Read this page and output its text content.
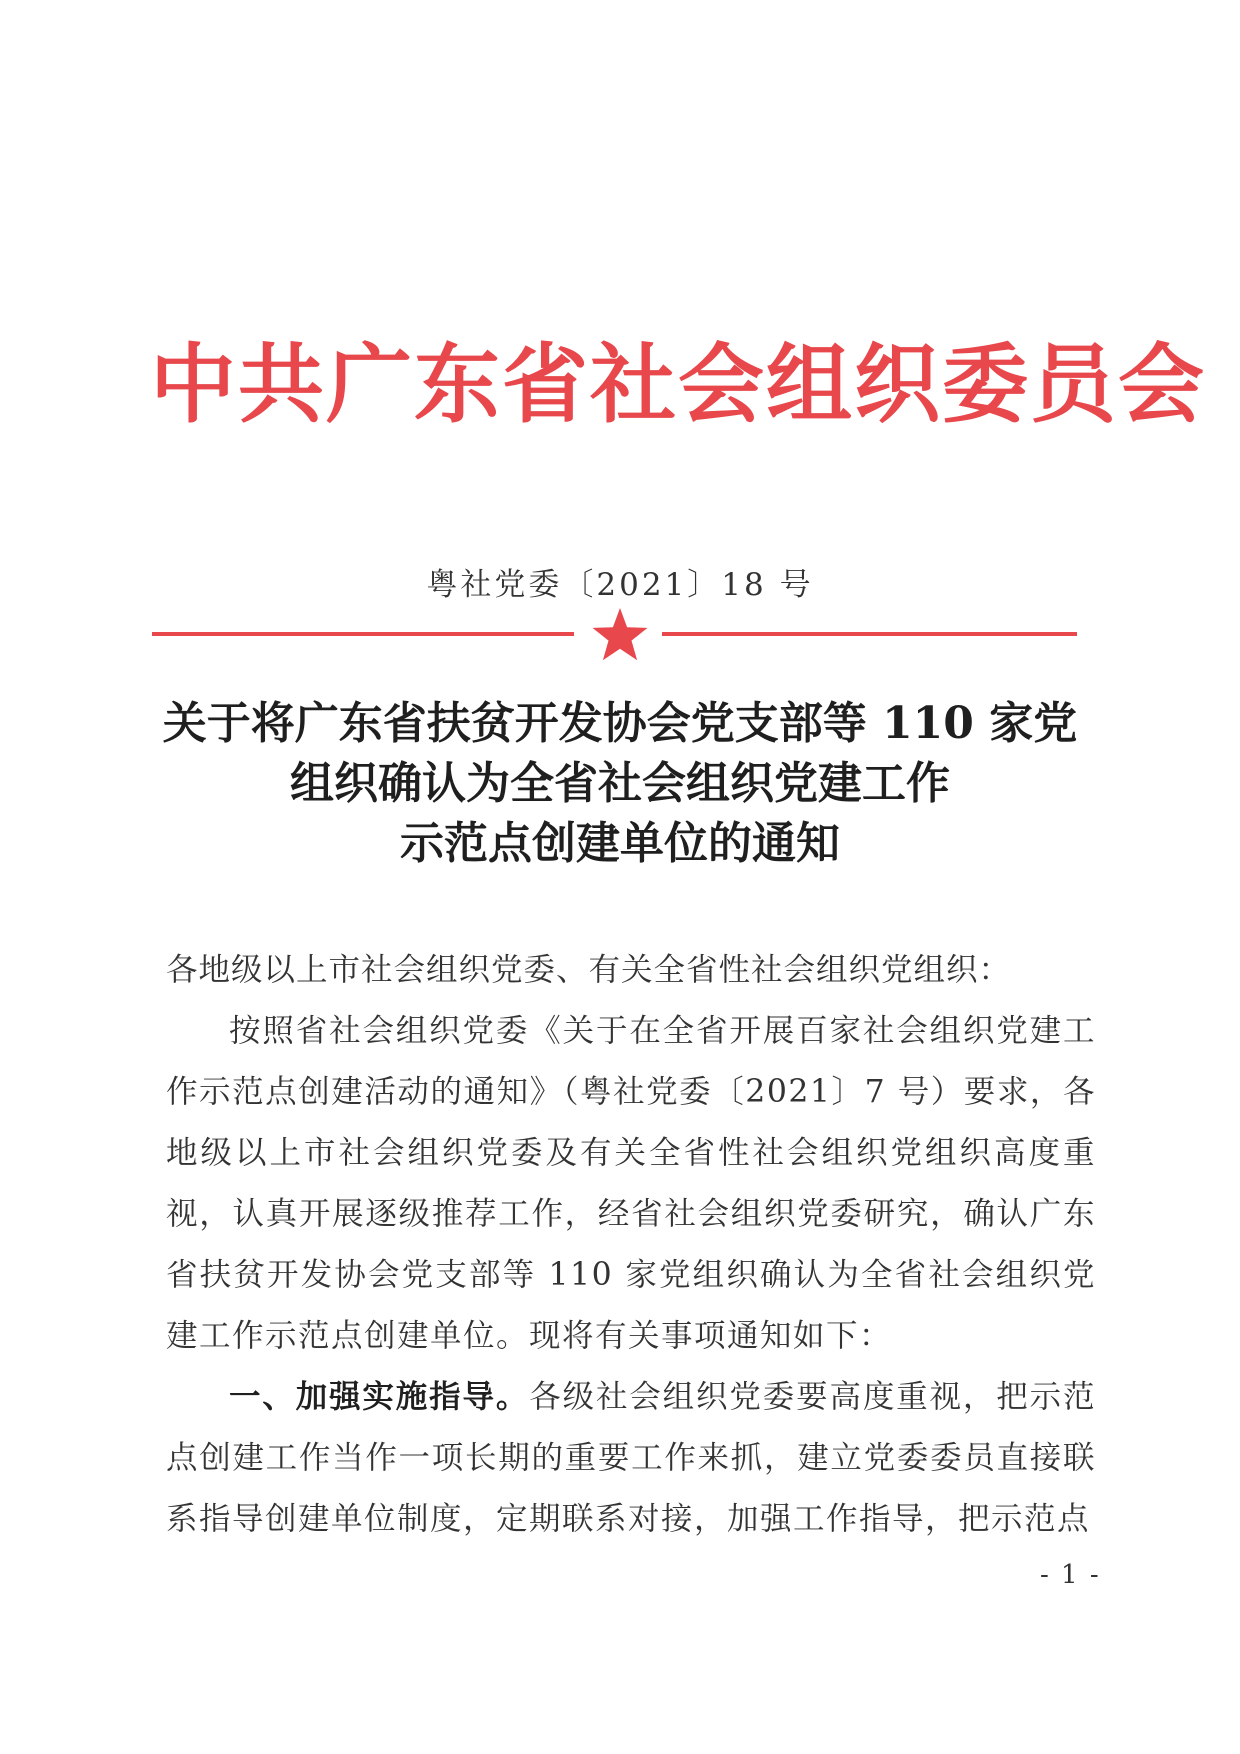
中共广东省社会组织委员会
粤社党委〔2021〕18 号
关于将广东省扶贫开发协会党支部等 110 家党
组织确认为全省社会组织党建工作
示范点创建单位的通知
各地级以上市社会组织党委、有关全省性社会组织党组织：

按照省社会组织党委《关于在全省开展百家社会组织党建工作示范点创建活动的通知》（粤社党委〔2021〕7 号）要求，各地级以上市社会组织党委及有关全省性社会组织党组织高度重视，认真开展逐级推荐工作，经省社会组织党委研究，确认广东省扶贫开发协会党支部等 110 家党组织确认为全省社会组织党建工作示范点创建单位。现将有关事项通知如下：

一、加强实施指导。各级社会组织党委要高度重视，把示范点创建工作当作一项长期的重要工作来抓，建立党委委员直接联系指导创建单位制度，定期联系对接，加强工作指导，把示范点

- 1 -
